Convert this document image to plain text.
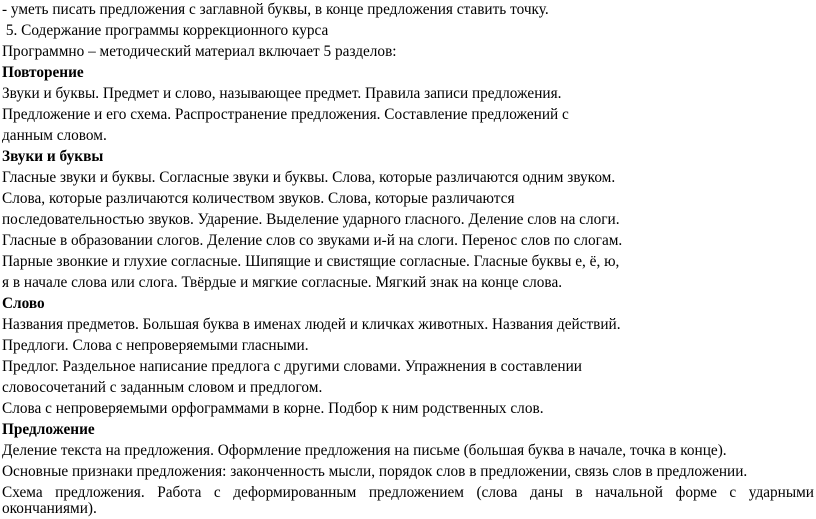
- уметь писать предложения с заглавной буквы, в конце предложения ставить точку.

5. Содержание программы коррекционного курса

Программно – методический материал включает 5 разделов:

Повторение

Звуки и буквы. Предмет и слово, называющее предмет. Правила записи предложения.

Предложение и его схема. Распространение предложения. Составление предложений с

данным словом.

Звуки и буквы

Гласные звуки и буквы. Согласные звуки и буквы. Слова, которые различаются одним звуком.

Слова, которые различаются количеством звуков. Слова, которые различаются

последовательностью звуков. Ударение. Выделение ударного гласного. Деление слов на слоги.

Гласные в образовании слогов. Деление слов со звуками и-й на слоги. Перенос слов по слогам.

Парные звонкие и глухие согласные. Шипящие и свистящие согласные. Гласные буквы е, ё, ю,

я в начале слова или слога. Твёрдые и мягкие согласные. Мягкий знак на конце слова.

Слово

Названия предметов. Большая буква в именах людей и кличках животных. Названия действий.

Предлоги. Слова с непроверяемыми гласными.

Предлог. Раздельное написание предлога с другими словами. Упражнения в составлении

словосочетаний с заданным словом и предлогом.

Слова с непроверяемыми орфограммами в корне. Подбор к ним родственных слов.

Предложение

Деление текста на предложения. Оформление предложения на письме (большая буква в начале, точка в конце).

Основные признаки предложения: законченность мысли, порядок слов в предложении, связь слов в предложении.

Схема предложения. Работа с деформированным предложением (слова даны в начальной форме с ударными

окончаниями).
